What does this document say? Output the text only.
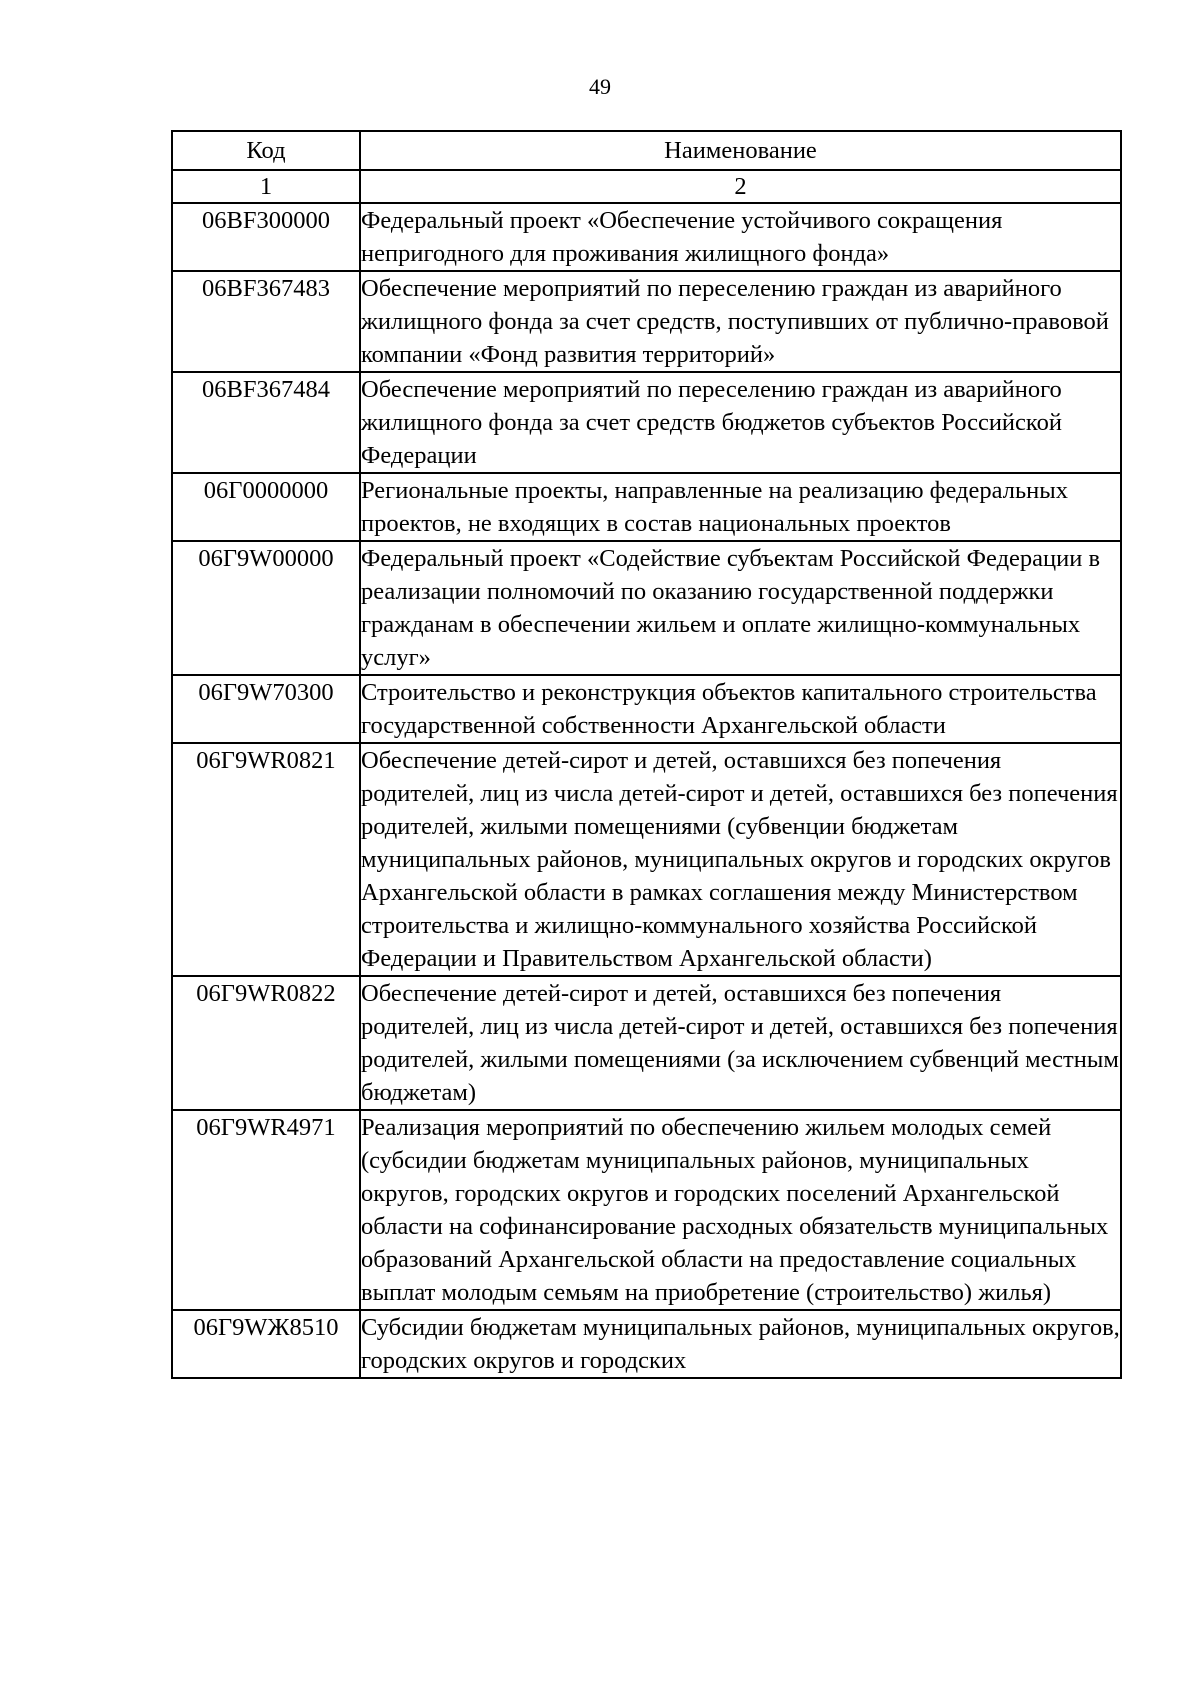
49
Код	Наименование
1	2
06BF300000	Федеральный проект «Обеспечение устойчивого сокращения непригодного для проживания жилищного фонда»
06BF367483	Обеспечение мероприятий по переселению граждан из аварийного жилищного фонда за счет средств, поступивших от публично-правовой компании «Фонд развития территорий»
06BF367484	Обеспечение мероприятий по переселению граждан из аварийного жилищного фонда за счет средств бюджетов субъектов Российской Федерации
06Г0000000	Региональные проекты, направленные на реализацию федеральных проектов, не входящих в состав национальных проектов
06Г9W00000	Федеральный проект «Содействие субъектам Российской Федерации в реализации полномочий по оказанию государственной поддержки гражданам в обеспечении жильем и оплате жилищно-коммунальных услуг»
06Г9W70300	Строительство и реконструкция объектов капитального строительства государственной собственности Архангельской области
06Г9WR0821	Обеспечение детей-сирот и детей, оставшихся без попечения родителей, лиц из числа детей-сирот и детей, оставшихся без попечения родителей, жилыми помещениями (субвенции бюджетам муниципальных районов, муниципальных округов и городских округов Архангельской области в рамках соглашения между Министерством строительства и жилищно-коммунального хозяйства Российской Федерации и Правительством Архангельской области)
06Г9WR0822	Обеспечение детей-сирот и детей, оставшихся без попечения родителей, лиц из числа детей-сирот и детей, оставшихся без попечения родителей, жилыми помещениями (за исключением субвенций местным бюджетам)
06Г9WR4971	Реализация мероприятий по обеспечению жильем молодых семей (субсидии бюджетам муниципальных районов, муниципальных округов, городских округов и городских поселений Архангельской области на софинансирование расходных обязательств муниципальных образований Архангельской области на предоставление социальных выплат молодым семьям на приобретение (строительство) жилья)
06Г9WЖ8510	Субсидии бюджетам муниципальных районов, муниципальных округов, городских округов и городских
